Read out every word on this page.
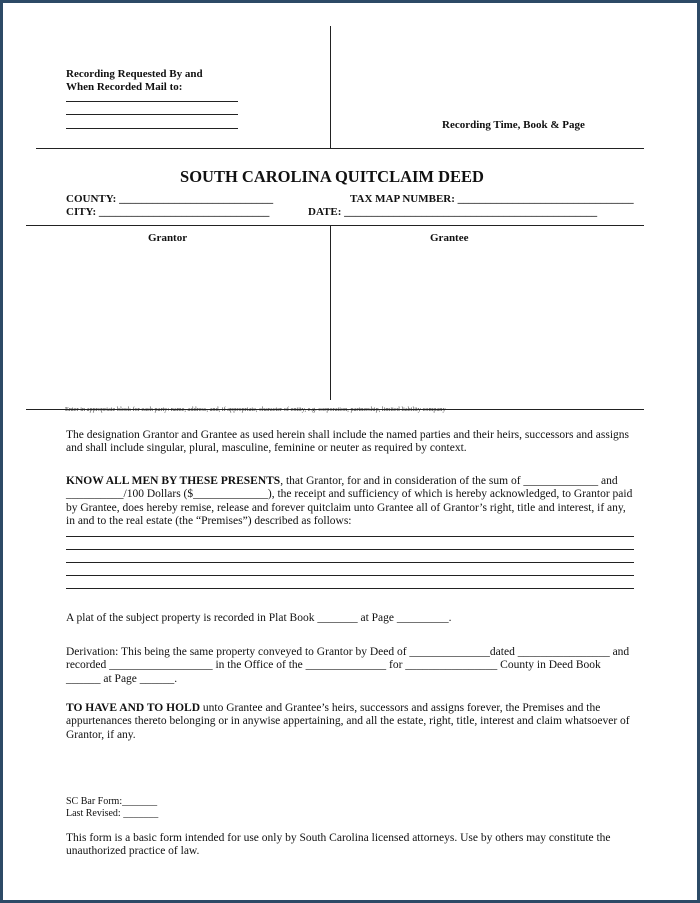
Recording Requested By and
When Recorded Mail to:
Recording Time, Book & Page
SOUTH CAROLINA QUITCLAIM DEED
COUNTY: ____________________________	TAX MAP NUMBER: ________________________________
CITY: _______________________________	DATE: ______________________________________________
Grantor	Grantee
Enter in appropriate block for each party: name, address, and, if appropriate, character of entity, e.g. corporation, partnership, limited liability company
The designation Grantor and Grantee as used herein shall include the named parties and their heirs, successors and assigns and shall include singular, plural, masculine, feminine or neuter as required by context.
KNOW ALL MEN BY THESE PRESENTS, that Grantor, for and in consideration of the sum of _____________ and __________/100 Dollars ($_____________), the receipt and sufficiency of which is hereby acknowledged, to Grantor paid by Grantee, does hereby remise, release and forever quitclaim unto Grantee all of Grantor’s right, title and interest, if any, in and to the real estate (the “Premises”) described as follows:
A plat of the subject property is recorded in Plat Book _______ at Page _________.
Derivation: This being the same property conveyed to Grantor by Deed of ______________dated ________________ and recorded __________________ in the Office of the ______________ for ________________ County in Deed Book ______ at Page ______.
TO HAVE AND TO HOLD unto Grantee and Grantee’s heirs, successors and assigns forever, the Premises and the appurtenances thereto belonging or in anywise appertaining, and all the estate, right, title, interest and claim whatsoever of Grantor, if any.
SC Bar Form:_______
Last Revised: _______
This form is a basic form intended for use only by South Carolina licensed attorneys. Use by others may constitute the unauthorized practice of law.
